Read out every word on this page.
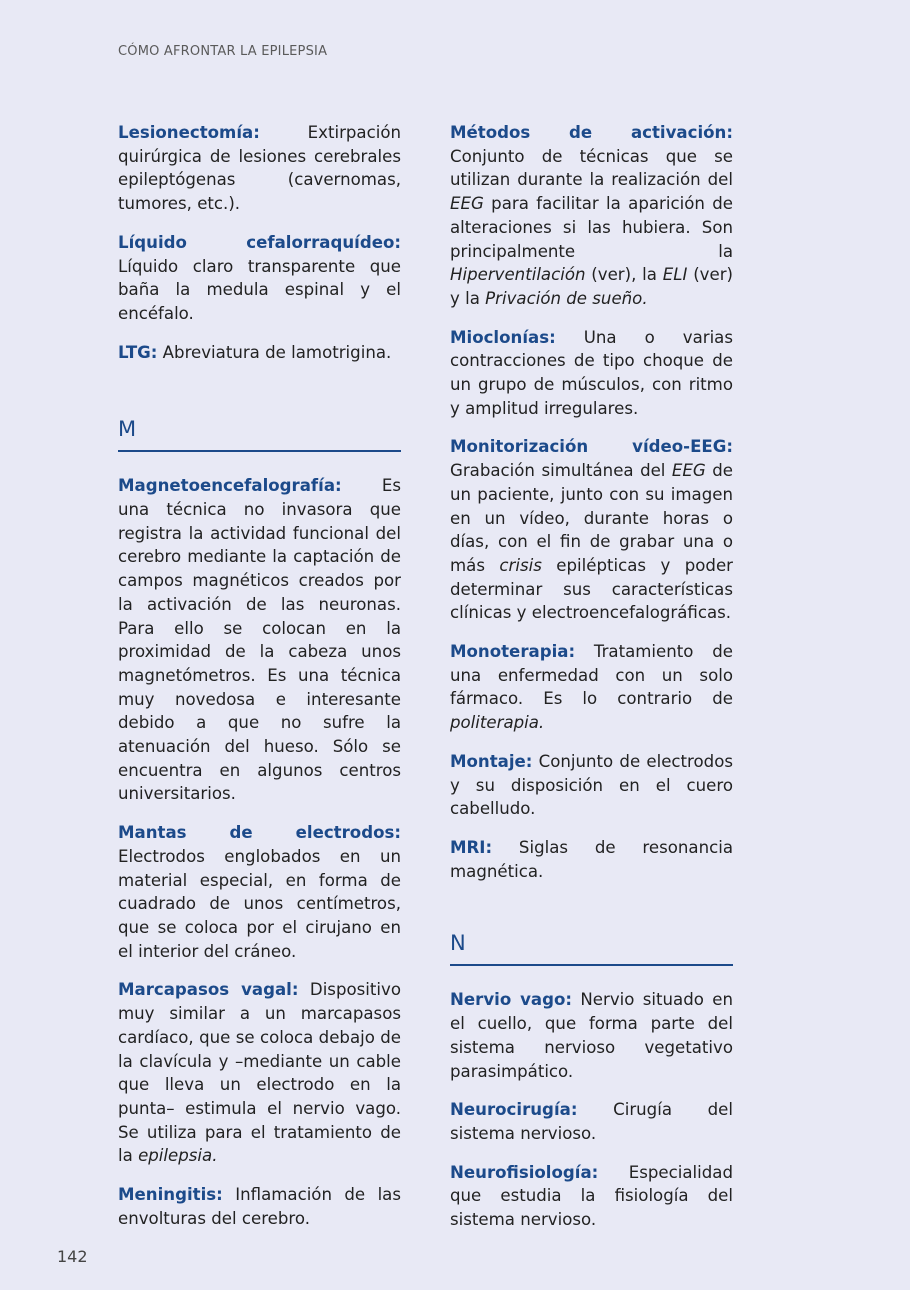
CÓMO AFRONTAR LA EPILEPSIA

Lesionectomía: Extirpación quirúrgica de lesiones cerebrales epileptógenas (cavernomas, tumores, etc.).

Líquido cefalorraquídeo: Líquido claro transparente que baña la medula espinal y el encéfalo.

LTG: Abreviatura de lamotrigina.

M

Magnetoencefalografía: Es una técnica no invasora que registra la actividad funcional del cerebro mediante la captación de campos magnéticos creados por la activación de las neuronas. Para ello se colocan en la proximidad de la cabeza unos magnetómetros. Es una técnica muy novedosa e interesante debido a que no sufre la atenuación del hueso. Sólo se encuentra en algunos centros universitarios.

Mantas de electrodos: Electrodos englobados en un material especial, en forma de cuadrado de unos centímetros, que se coloca por el cirujano en el interior del cráneo.

Marcapasos vagal: Dispositivo muy similar a un marcapasos cardíaco, que se coloca debajo de la clavícula y –mediante un cable que lleva un electrodo en la punta– estimula el nervio vago. Se utiliza para el tratamiento de la epilepsia.

Meningitis: Inflamación de las envolturas del cerebro.

Métodos de activación: Conjunto de técnicas que se utilizan durante la realización del EEG para facilitar la aparición de alteraciones si las hubiera. Son principalmente la Hiperventilación (ver), la ELI (ver) y la Privación de sueño.

Mioclonías: Una o varias contracciones de tipo choque de un grupo de músculos, con ritmo y amplitud irregulares.

Monitorización vídeo-EEG: Grabación simultánea del EEG de un paciente, junto con su imagen en un vídeo, durante horas o días, con el fin de grabar una o más crisis epilépticas y poder determinar sus características clínicas y electroencefalográficas.

Monoterapia: Tratamiento de una enfermedad con un solo fármaco. Es lo contrario de politerapia.

Montaje: Conjunto de electrodos y su disposición en el cuero cabelludo.

MRI: Siglas de resonancia magnética.

N

Nervio vago: Nervio situado en el cuello, que forma parte del sistema nervioso vegetativo parasimpático.

Neurocirugía: Cirugía del sistema nervioso.

Neurofisiología: Especialidad que estudia la fisiología del sistema nervioso.

142
